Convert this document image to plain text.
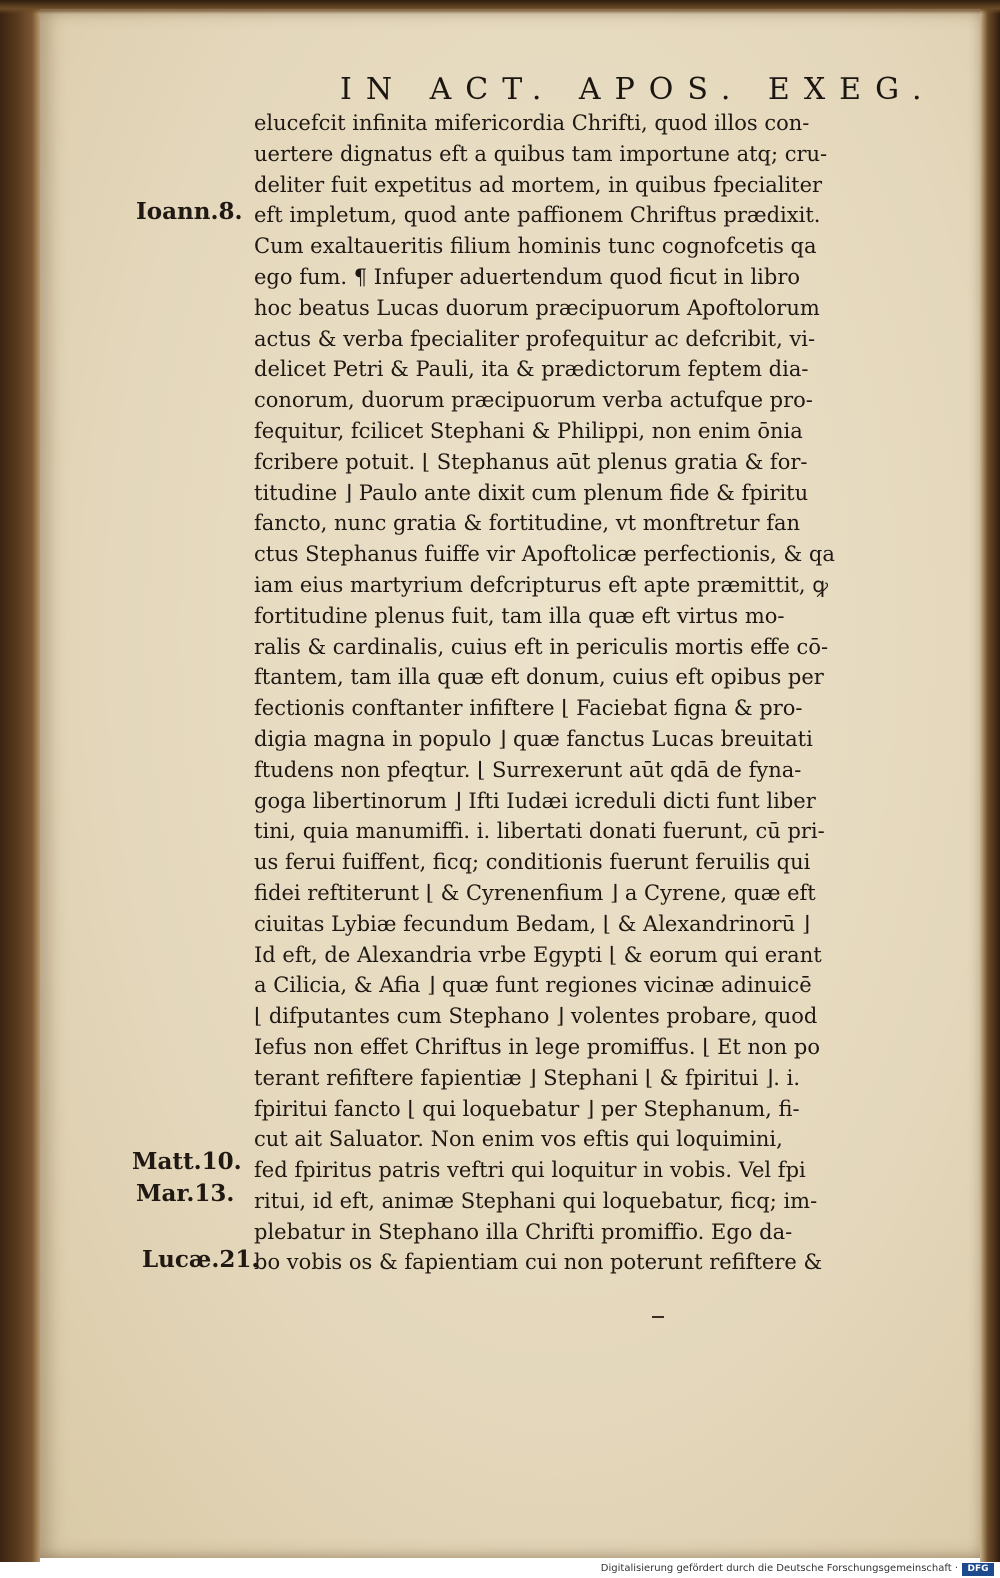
IN ACT. APOS. EXEG.
Ioann.8.
Matt.10.
Mar.13.
Lucæ.21.
elucefcit infinita mifericordia Chrifti, quod illos con-
uertere dignatus eft a quibus tam importune atq; cru-
deliter fuit expetitus ad mortem, in quibus fpecialiter
eft impletum, quod ante paffionem Chriftus prædixit.
Cum exaltaueritis filium hominis tunc cognofcetis qa
ego fum. ¶ Infuper aduertendum quod ficut in libro
hoc beatus Lucas duorum præcipuorum Apoftolorum
actus & verba fpecialiter profequitur ac defcribit, vi-
delicet Petri & Pauli, ita & prædictorum feptem dia-
conorum, duorum præcipuorum verba actufque pro-
fequitur, fcilicet Stephani & Philippi, non enim ōnia
fcribere potuit. ⌊ Stephanus aūt plenus gratia & for-
titudine ⌋ Paulo ante dixit cum plenum fide & fpiritu
fancto, nunc gratia & fortitudine, vt monftretur fan
ctus Stephanus fuiffe vir Apoftolicæ perfectionis, & qa
iam eius martyrium defcripturus eft apte præmittit, ꝙ
fortitudine plenus fuit, tam illa quæ eft virtus mo-
ralis & cardinalis, cuius eft in periculis mortis effe cō-
ftantem, tam illa quæ eft donum, cuius eft opibus per
fectionis conftanter infiftere ⌊ Faciebat figna & pro-
digia magna in populo ⌋ quæ fanctus Lucas breuitati
ftudens non pfeqtur. ⌊ Surrexerunt aūt qdā de fyna-
goga libertinorum ⌋ Ifti Iudæi icreduli dicti funt liber
tini, quia manumiffi. i. libertati donati fuerunt, cū pri-
us ferui fuiffent, ficq; conditionis fuerunt feruilis qui
fidei reftiterunt ⌊ & Cyrenenfium ⌋ a Cyrene, quæ eft
ciuitas Lybiæ fecundum Bedam, ⌊ & Alexandrinorū ⌋
Id eft, de Alexandria vrbe Egypti ⌊ & eorum qui erant
a Cilicia, & Afia ⌋ quæ funt regiones vicinæ adinuicē
⌊ difputantes cum Stephano ⌋ volentes probare, quod
Iefus non effet Chriftus in lege promiffus. ⌊ Et non po
terant refiftere fapientiæ ⌋ Stephani ⌊ & fpiritui ⌋. i.
fpiritui fancto ⌊ qui loquebatur ⌋ per Stephanum, fi-
cut ait Saluator. Non enim vos eftis qui loquimini,
fed fpiritus patris veftri qui loquitur in vobis. Vel fpi
ritui, id eft, animæ Stephani qui loquebatur, ficq; im-
plebatur in Stephano illa Chrifti promiffio. Ego da-
bo vobis os & fapientiam cui non poterunt refiftere &
Digitalisierung gefördert durch die Deutsche Forschungsgemeinschaft ·	DFG
